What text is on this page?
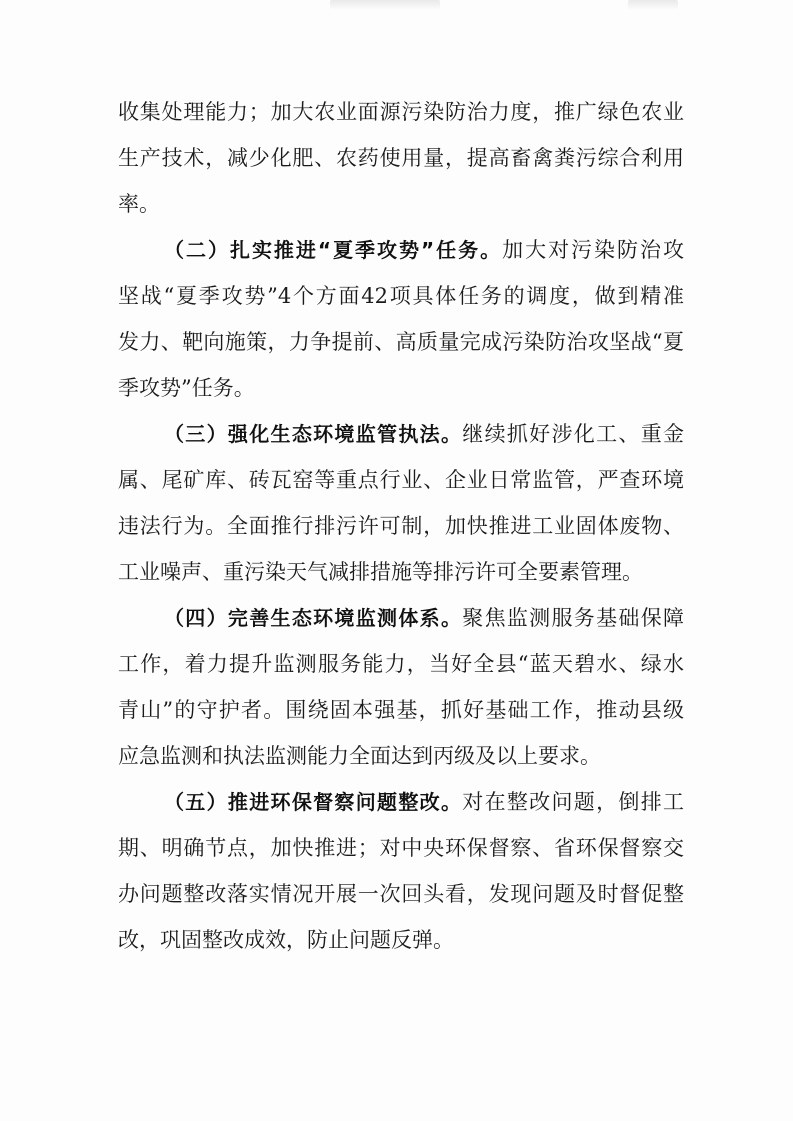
收集处理能力；加大农业面源污染防治力度，推广绿色农业
生产技术，减少化肥、农药使用量，提高畜禽粪污综合利用
率。
（二）扎实推进“夏季攻势”任务。加大对污染防治攻
坚战“夏季攻势”4个方面42项具体任务的调度，做到精准
发力、靶向施策，力争提前、高质量完成污染防治攻坚战“夏
季攻势”任务。
（三）强化生态环境监管执法。继续抓好涉化工、重金
属、尾矿库、砖瓦窑等重点行业、企业日常监管，严查环境
违法行为。全面推行排污许可制，加快推进工业固体废物、
工业噪声、重污染天气减排措施等排污许可全要素管理。
（四）完善生态环境监测体系。聚焦监测服务基础保障
工作，着力提升监测服务能力，当好全县“蓝天碧水、绿水
青山”的守护者。围绕固本强基，抓好基础工作，推动县级
应急监测和执法监测能力全面达到丙级及以上要求。
（五）推进环保督察问题整改。对在整改问题，倒排工
期、明确节点，加快推进；对中央环保督察、省环保督察交
办问题整改落实情况开展一次回头看，发现问题及时督促整
改，巩固整改成效，防止问题反弹。
